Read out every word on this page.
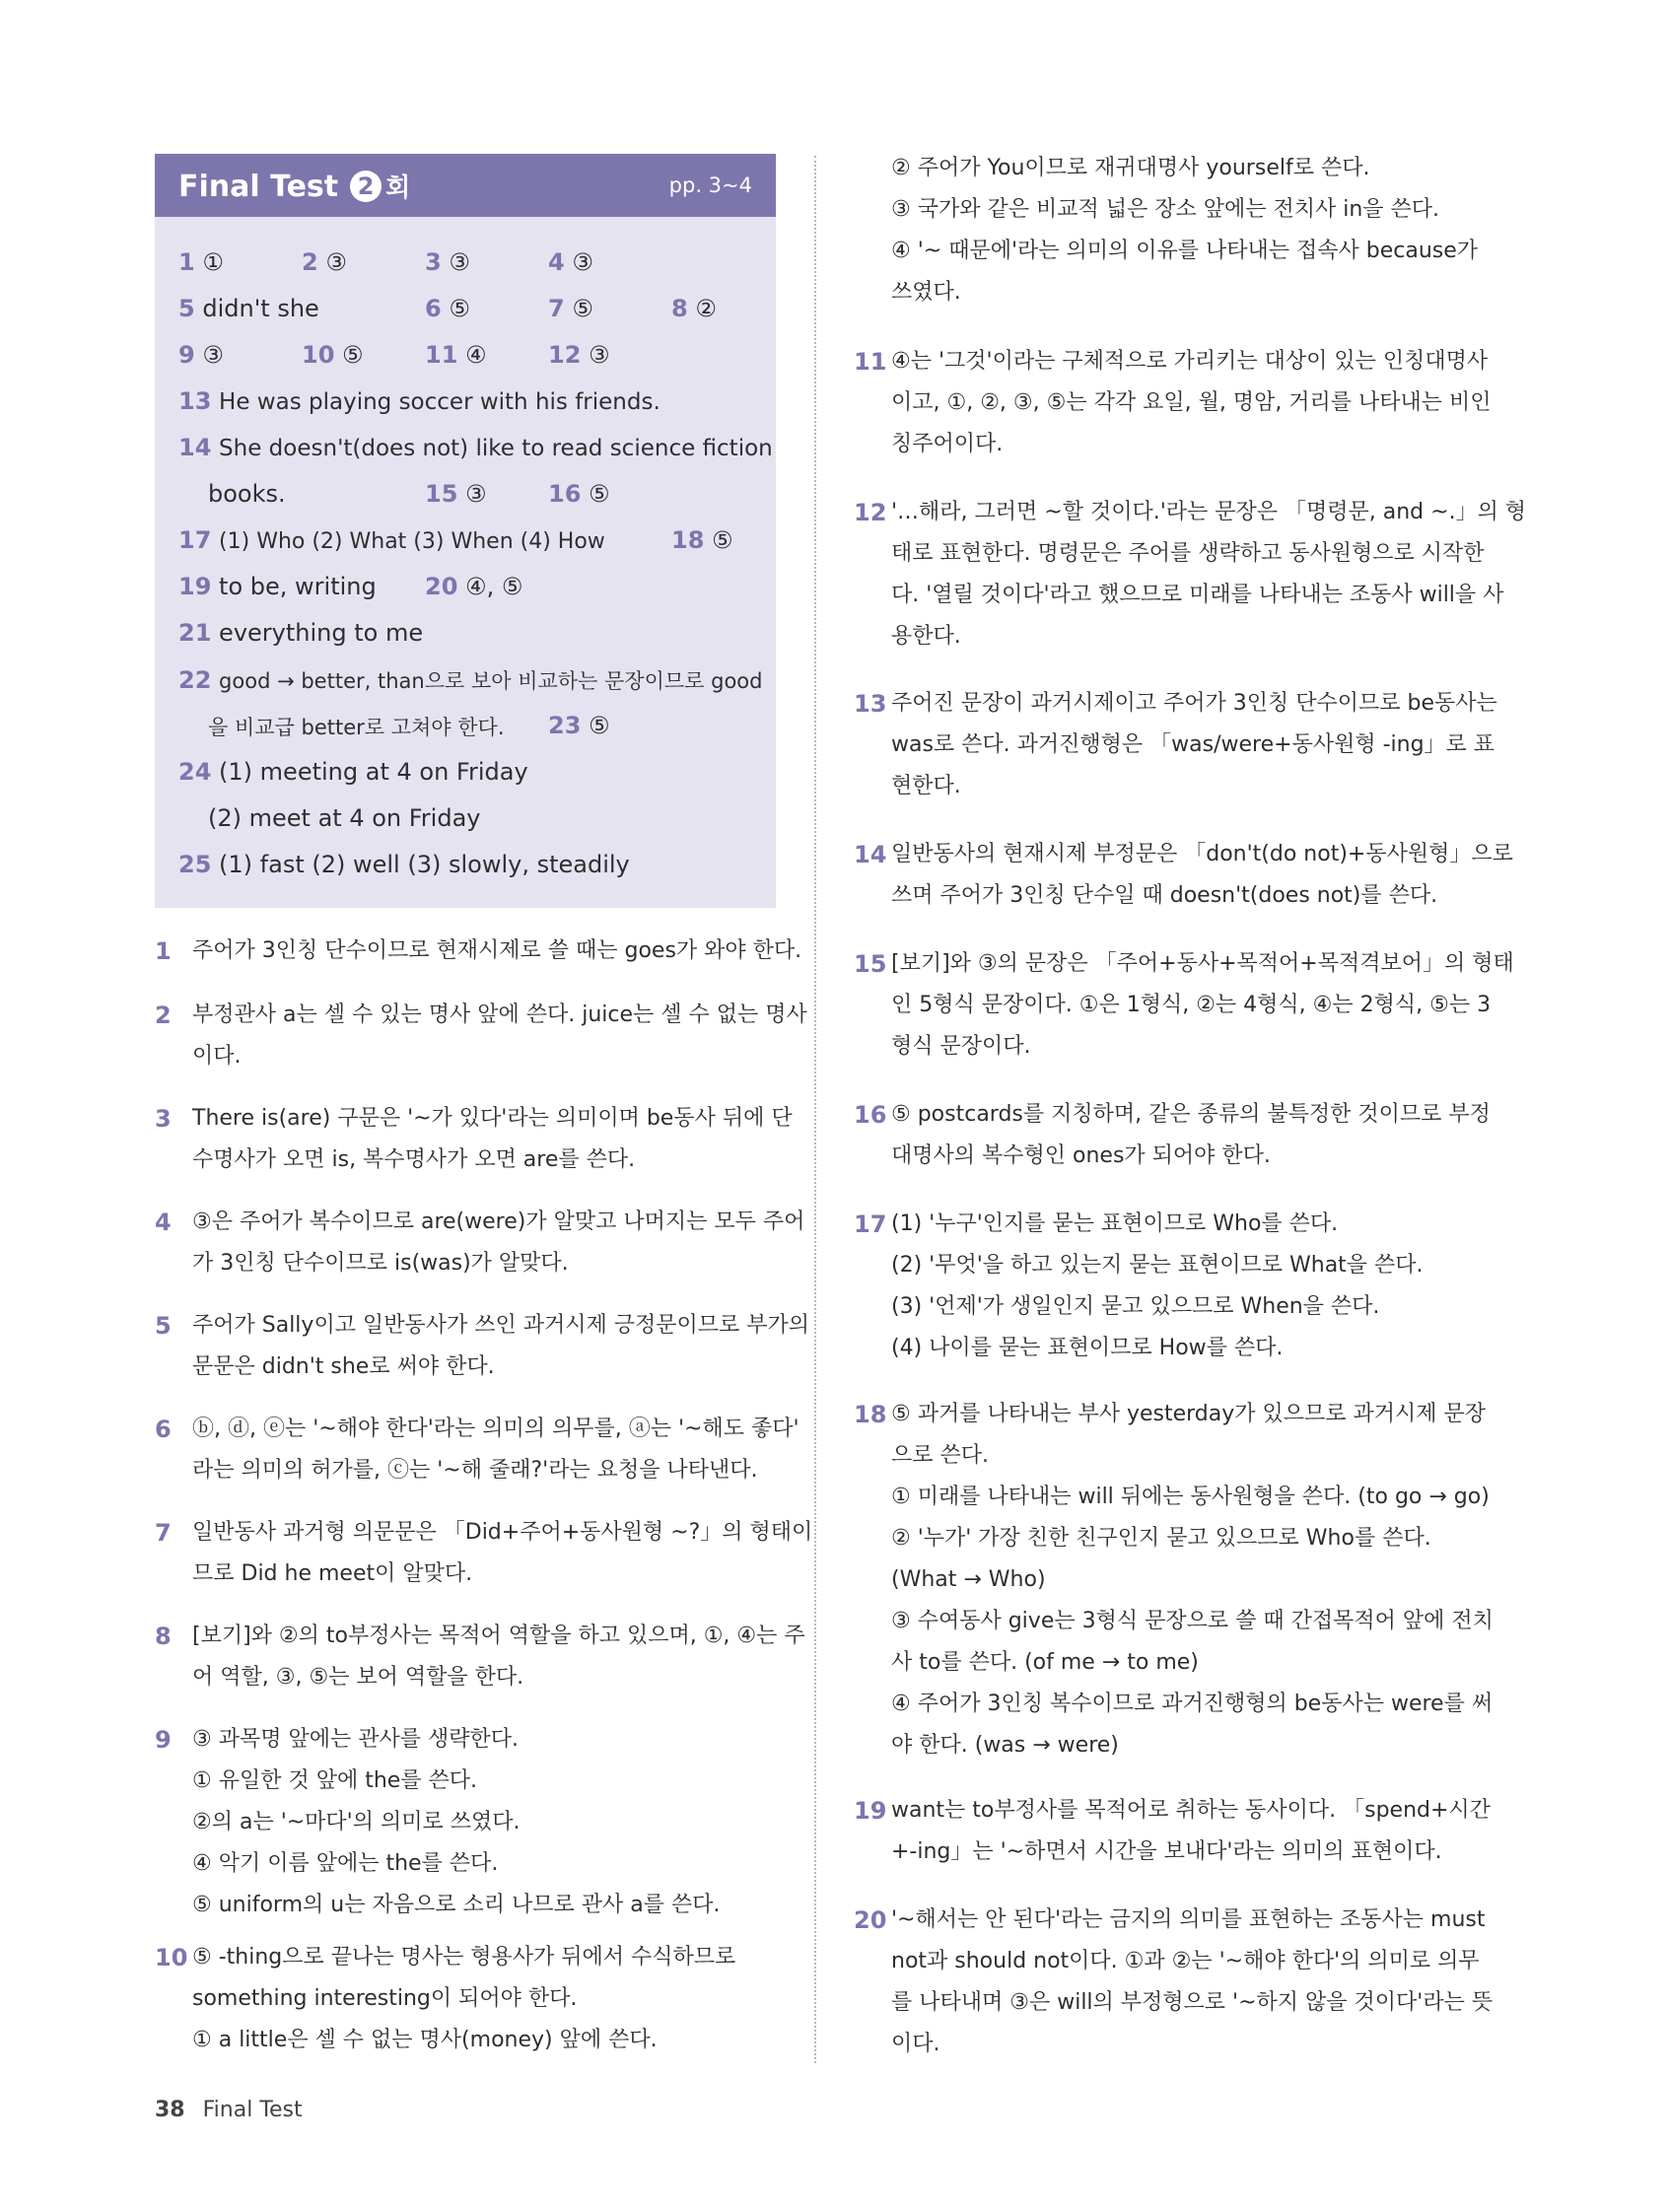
Final Test 2 회	pp. 3~4
1 ①	2 ③	3 ③	4 ③
5 didn't she	6 ⑤	7 ⑤	8 ②
9 ③	10 ⑤	11 ④	12 ③
13 He was playing soccer with his friends.
14 She doesn't(does not) like to read science fiction
books.	15 ③	16 ⑤
17 (1) Who (2) What (3) When (4) How	18 ⑤
19 to be, writing 20 ④, ⑤
21 everything to me
22 good → better, than으로 보아 비교하는 문장이므로 good
을 비교급 better로 고쳐야 한다. 23 ⑤
24 (1) meeting at 4 on Friday
(2) meet at 4 on Friday
25 (1) fast (2) well (3) slowly, steadily
1 주어가 3인칭 단수이므로 현재시제로 쓸 때는 goes가 와야 한다.
2 부정관사 a는 셀 수 있는 명사 앞에 쓴다. juice는 셀 수 없는 명사
이다.
3 There is(are) 구문은 '~가 있다'라는 의미이며 be동사 뒤에 단
수명사가 오면 is, 복수명사가 오면 are를 쓴다.
4 ③은 주어가 복수이므로 are(were)가 알맞고 나머지는 모두 주어
가 3인칭 단수이므로 is(was)가 알맞다.
5 주어가 Sally이고 일반동사가 쓰인 과거시제 긍정문이므로 부가의
문문은 didn't she로 써야 한다.
6 ⓑ, ⓓ, ⓔ는 '~해야 한다'라는 의미의 의무를, ⓐ는 '~해도 좋다'
라는 의미의 허가를, ⓒ는 '~해 줄래?'라는 요청을 나타낸다.
7 일반동사 과거형 의문문은 「Did+주어+동사원형 ~?」의 형태이
므로 Did he meet이 알맞다.
8 [보기]와 ②의 to부정사는 목적어 역할을 하고 있으며, ①, ④는 주
어 역할, ③, ⑤는 보어 역할을 한다.
9 ③ 과목명 앞에는 관사를 생략한다.
① 유일한 것 앞에 the를 쓴다.
②의 a는 '~마다'의 의미로 쓰였다.
④ 악기 이름 앞에는 the를 쓴다.
⑤ uniform의 u는 자음으로 소리 나므로 관사 a를 쓴다.
10 ⑤ -thing으로 끝나는 명사는 형용사가 뒤에서 수식하므로
something interesting이 되어야 한다.
① a little은 셀 수 없는 명사(money) 앞에 쓴다.
② 주어가 You이므로 재귀대명사 yourself로 쓴다.
③ 국가와 같은 비교적 넓은 장소 앞에는 전치사 in을 쓴다.
④ '~ 때문에'라는 의미의 이유를 나타내는 접속사 because가
쓰였다.
11 ④는 '그것'이라는 구체적으로 가리키는 대상이 있는 인칭대명사
이고, ①, ②, ③, ⑤는 각각 요일, 월, 명암, 거리를 나타내는 비인
칭주어이다.
12 '…해라, 그러면 ~할 것이다.'라는 문장은 「명령문, and ~.」의 형
태로 표현한다. 명령문은 주어를 생략하고 동사원형으로 시작한
다. '열릴 것이다'라고 했으므로 미래를 나타내는 조동사 will을 사
용한다.
13 주어진 문장이 과거시제이고 주어가 3인칭 단수이므로 be동사는
was로 쓴다. 과거진행형은 「was/were+동사원형 -ing」로 표
현한다.
14 일반동사의 현재시제 부정문은 「don't(do not)+동사원형」으로
쓰며 주어가 3인칭 단수일 때 doesn't(does not)를 쓴다.
15 [보기]와 ③의 문장은 「주어+동사+목적어+목적격보어」의 형태
인 5형식 문장이다. ①은 1형식, ②는 4형식, ④는 2형식, ⑤는 3
형식 문장이다.
16 ⑤ postcards를 지칭하며, 같은 종류의 불특정한 것이므로 부정
대명사의 복수형인 ones가 되어야 한다.
17 (1) '누구'인지를 묻는 표현이므로 Who를 쓴다.
(2) '무엇'을 하고 있는지 묻는 표현이므로 What을 쓴다.
(3) '언제'가 생일인지 묻고 있으므로 When을 쓴다.
(4) 나이를 묻는 표현이므로 How를 쓴다.
18 ⑤ 과거를 나타내는 부사 yesterday가 있으므로 과거시제 문장
으로 쓴다.
① 미래를 나타내는 will 뒤에는 동사원형을 쓴다. (to go → go)
② '누가' 가장 친한 친구인지 묻고 있으므로 Who를 쓴다.
(What → Who)
③ 수여동사 give는 3형식 문장으로 쓸 때 간접목적어 앞에 전치
사 to를 쓴다. (of me → to me)
④ 주어가 3인칭 복수이므로 과거진행형의 be동사는 were를 써
야 한다. (was → were)
19 want는 to부정사를 목적어로 취하는 동사이다. 「spend+시간
+-ing」는 '~하면서 시간을 보내다'라는 의미의 표현이다.
20 '~해서는 안 된다'라는 금지의 의미를 표현하는 조동사는 must
not과 should not이다. ①과 ②는 '~해야 한다'의 의미로 의무
를 나타내며 ③은 will의 부정형으로 '~하지 않을 것이다'라는 뜻
이다.
38 Final Test
